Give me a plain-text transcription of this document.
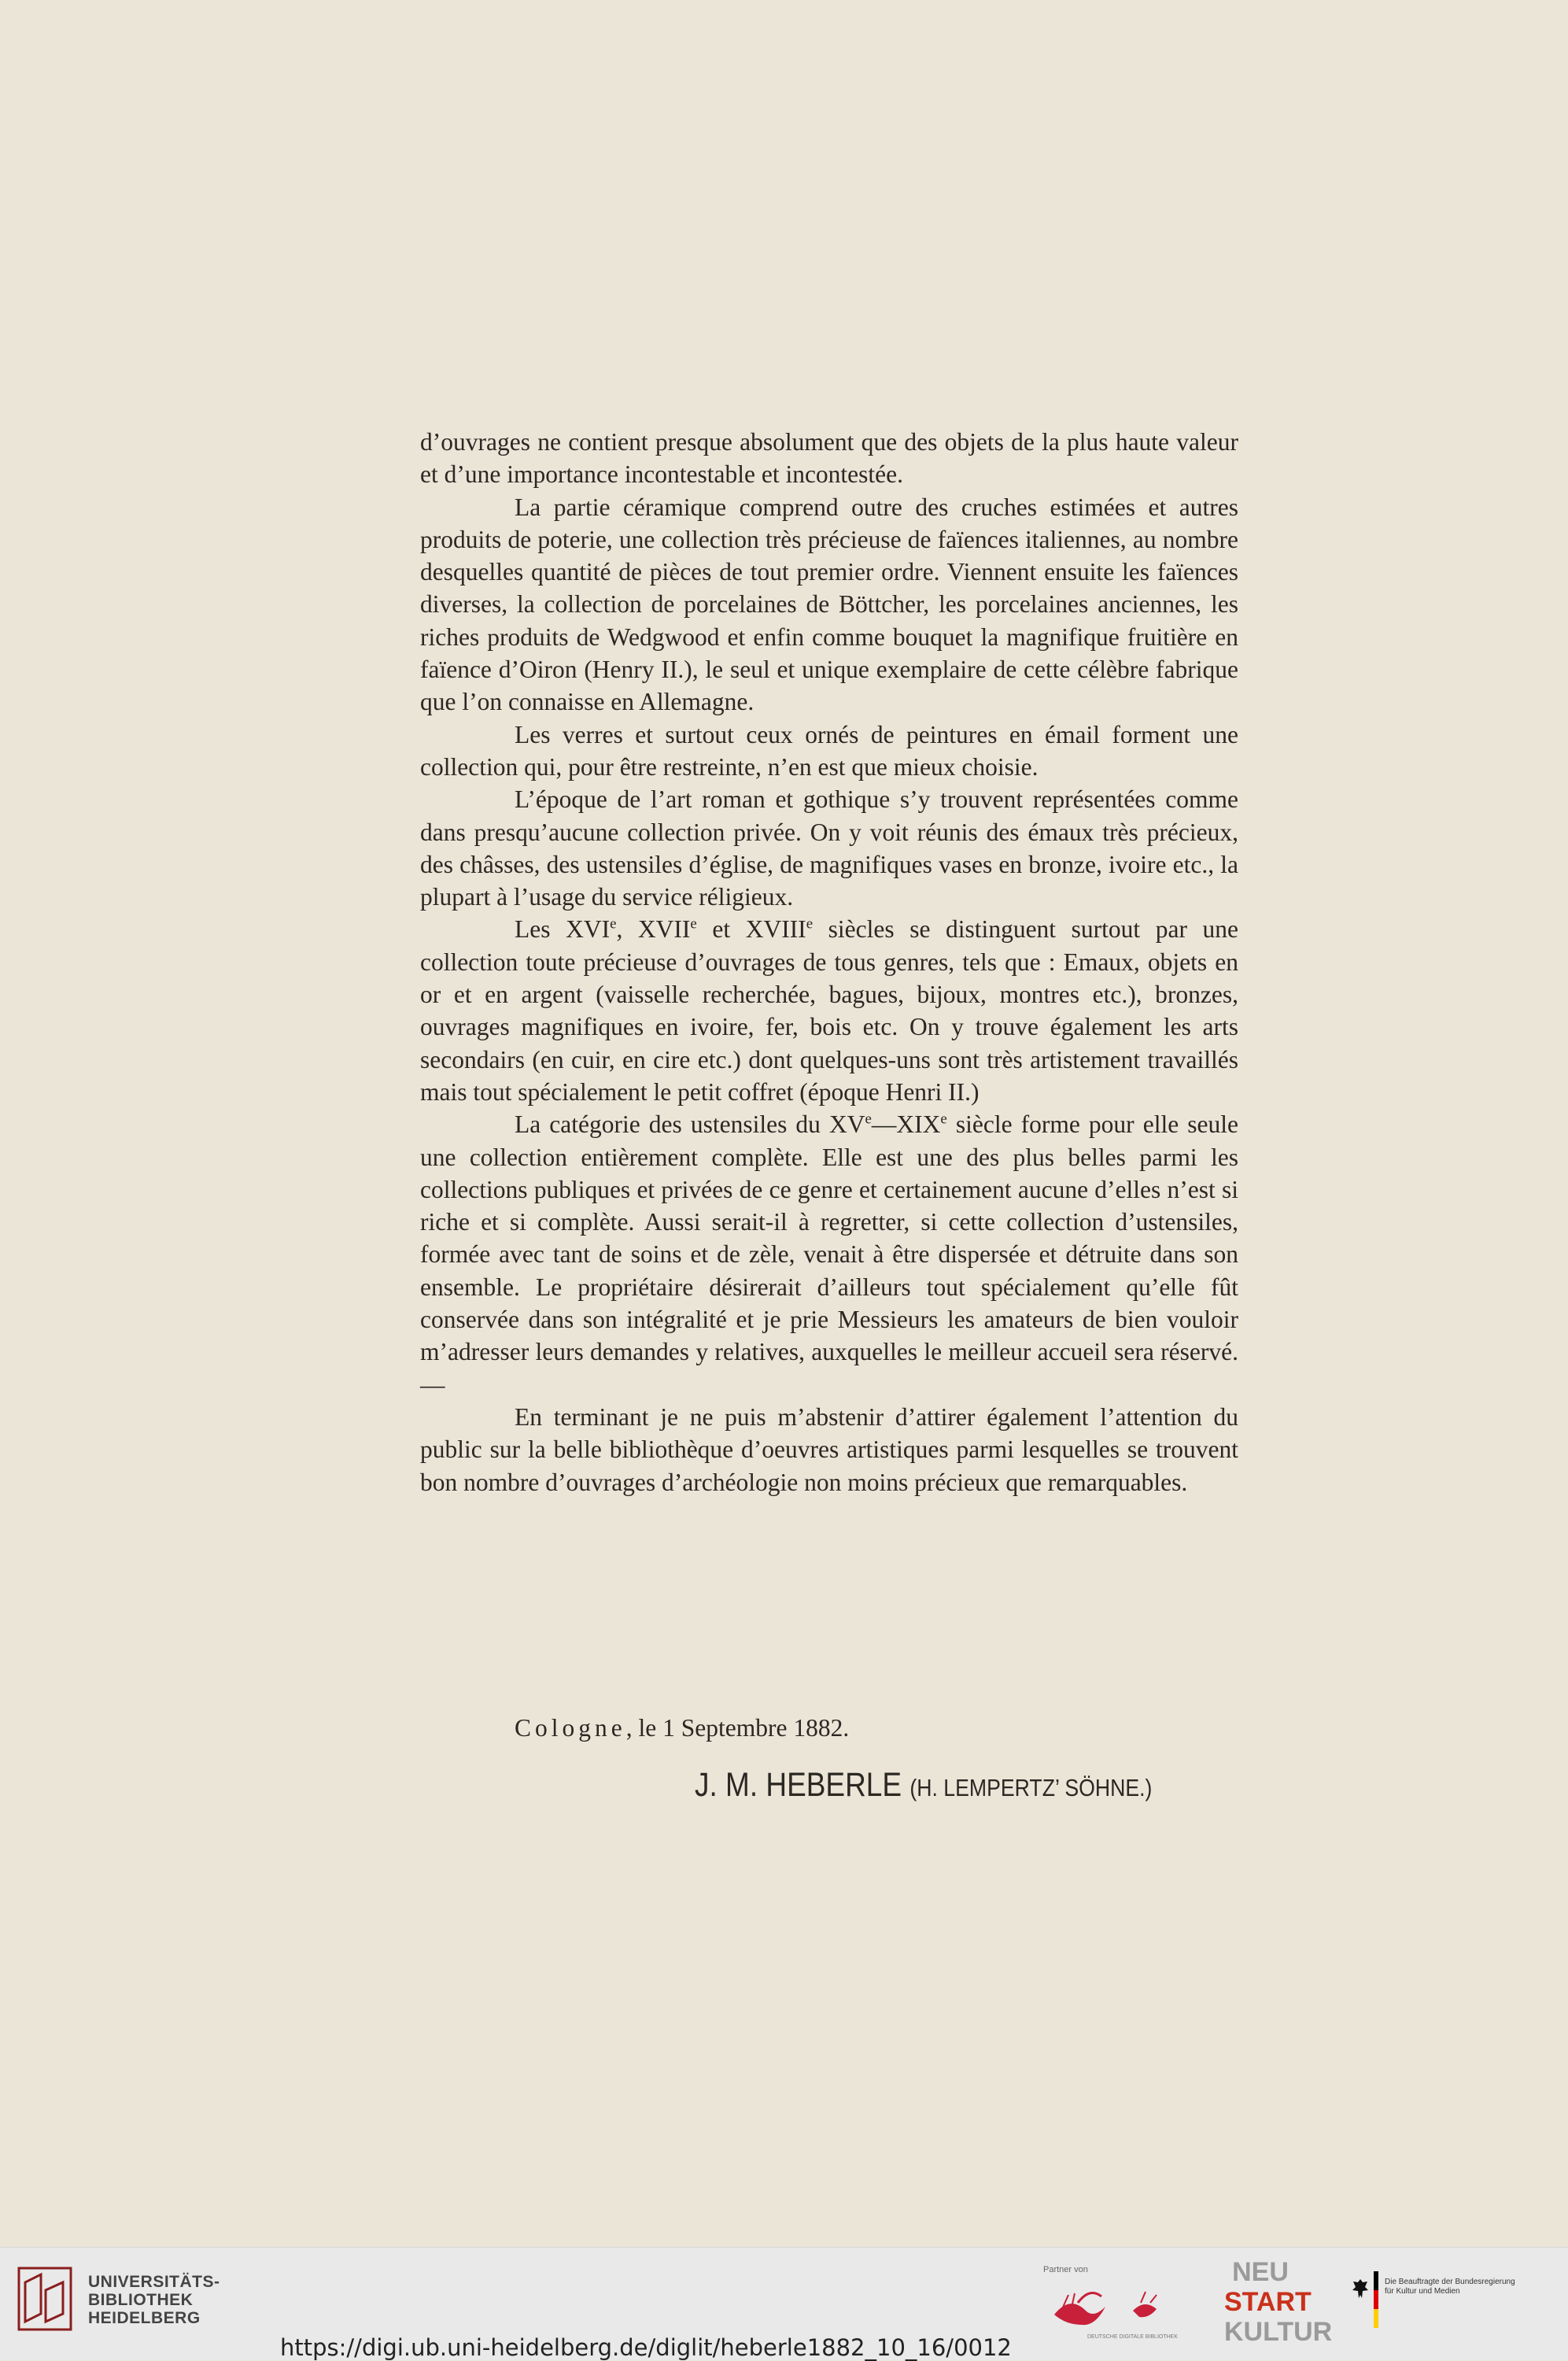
d’ouvrages ne contient presque absolument que des objets de la plus haute valeur et d’une importance incontestable et incontestée.

La partie céramique comprend outre des cruches estimées et autres produits de poterie, une collection très précieuse de faïences italiennes, au nombre desquelles quantité de pièces de tout premier ordre. Viennent ensuite les faïences diverses, la collection de porcelaines de Böttcher, les porcelaines anciennes, les riches produits de Wedgwood et enfin comme bouquet la magnifique fruitière en faïence d’Oiron (Henry II.), le seul et unique exemplaire de cette célèbre fabrique que l’on connaisse en Allemagne.

Les verres et surtout ceux ornés de peintures en émail forment une collection qui, pour être restreinte, n’en est que mieux choisie.

L’époque de l’art roman et gothique s’y trouvent représentées comme dans presqu’aucune collection privée. On y voit réunis des émaux très précieux, des châsses, des ustensiles d’église, de magnifiques vases en bronze, ivoire etc., la plupart à l’usage du service réligieux.

Les XVIe, XVIIe et XVIIIe siècles se distinguent surtout par une collection toute précieuse d’ouvrages de tous genres, tels que : Emaux, objets en or et en argent (vaisselle recherchée, bagues, bijoux, montres etc.), bronzes, ouvrages magnifiques en ivoire, fer, bois etc. On y trouve également les arts secondairs (en cuir, en cire etc.) dont quelques-uns sont très artistement travaillés mais tout spécialement le petit coffret (époque Henri II.)

La catégorie des ustensiles du XVe—XIXe siècle forme pour elle seule une collection entièrement complète. Elle est une des plus belles parmi les collections publiques et privées de ce genre et certainement aucune d’elles n’est si riche et si complète. Aussi serait-il à regretter, si cette collection d’ustensiles, formée avec tant de soins et de zèle, venait à être dispersée et détruite dans son ensemble. Le propriétaire désirerait d’ailleurs tout spécialement qu’elle fût conservée dans son intégralité et je prie Messieurs les amateurs de bien vouloir m’adresser leurs demandes y relatives, auxquelles le meilleur accueil sera réservé. —

En terminant je ne puis m’abstenir d’attirer également l’attention du public sur la belle bibliothèque d’oeuvres artistiques parmi lesquelles se trouvent bon nombre d’ouvrages d’archéologie non moins précieux que remarquables.

Cologne, le 1 Septembre 1882.
J. M. HEBERLE (H. LEMPERTZ’ SÖHNE.)
UNIVERSITÄTS-
BIBLIOTHEK
HEIDELBERG
https://digi.ub.uni-heidelberg.de/diglit/heberle1882_10_16/0012
Partner von
DEUTSCHE DIGITALE BIBLIOTHEK
NEU
START
KULTUR
Die Beauftragte der Bundesregierung
für Kultur und Medien
